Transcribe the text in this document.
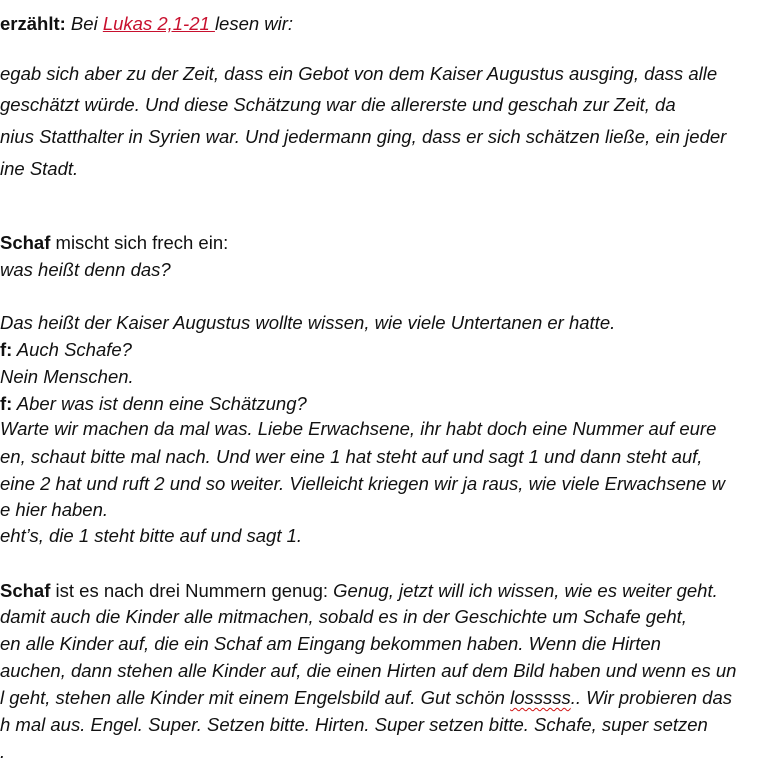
erzählt: Bei Lukas 2,1-21 lesen wir:
egab sich aber zu der Zeit, dass ein Gebot von dem Kaiser Augustus ausging, dass alle
geschätzt würde. Und diese Schätzung war die allererste und geschah zur Zeit, da
nius Statthalter in Syrien war. Und jedermann ging, dass er sich schätzen ließe, ein jeder
ine Stadt.
Schaf mischt sich frech ein:
was heißt denn das?
Das heißt der Kaiser Augustus wollte wissen, wie viele Untertanen er hatte.
f: Auch Schafe?
Nein Menschen.
f: Aber was ist denn eine Schätzung?
Warte wir machen da mal was. Liebe Erwachsene, ihr habt doch eine Nummer auf eure
en, schaut bitte mal nach. Und wer eine 1 hat steht auf und sagt 1 und dann steht auf,
eine 2 hat und ruft 2 und so weiter. Vielleicht kriegen wir ja raus, wie viele Erwachsene w
e hier haben.
eht’s, die 1 steht bitte auf und sagt 1.
Schaf ist es nach drei Nummern genug: Genug, jetzt will ich wissen, wie es weiter geht.
damit auch die Kinder alle mitmachen, sobald es in der Geschichte um Schafe geht,
en alle Kinder auf, die ein Schaf am Eingang bekommen haben. Wenn die Hirten
auchen, dann stehen alle Kinder auf, die einen Hirten auf dem Bild haben und wenn es un
l geht, stehen alle Kinder mit einem Engelsbild auf. Gut schön losssss.. Wir probieren das
h mal aus. Engel. Super. Setzen bitte. Hirten. Super setzen bitte. Schafe, super setzen
.
